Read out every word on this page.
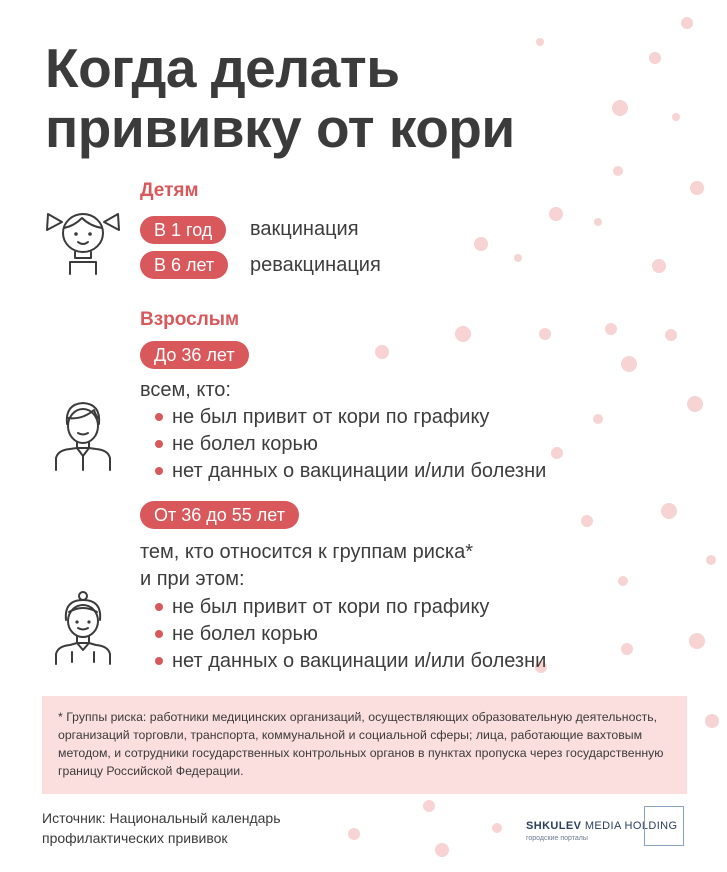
Когда делать
прививку от кори
Детям
В 1 год	вакцинация
В 6 лет	ревакцинация
Взрослым
До 36 лет
всем, кто:
не был привит от кори по графику
не болел корью
нет данных о вакцинации и/или болезни
От 36 до 55 лет
тем, кто относится к группам риска*
и при этом:
не был привит от кори по графику
не болел корью
нет данных о вакцинации и/или болезни
* Группы риска: работники медицинских организаций, осуществляющих образовательную деятельность, организаций торговли, транспорта, коммунальной и социальной сферы; лица, работающие вахтовым методом, и сотрудники государственных контрольных органов в пунктах пропуска через государственную границу Российской Федерации.
Источник: Национальный календарь
профилактических прививок
SHKULEV MEDIA HOLDING
городские порталы
